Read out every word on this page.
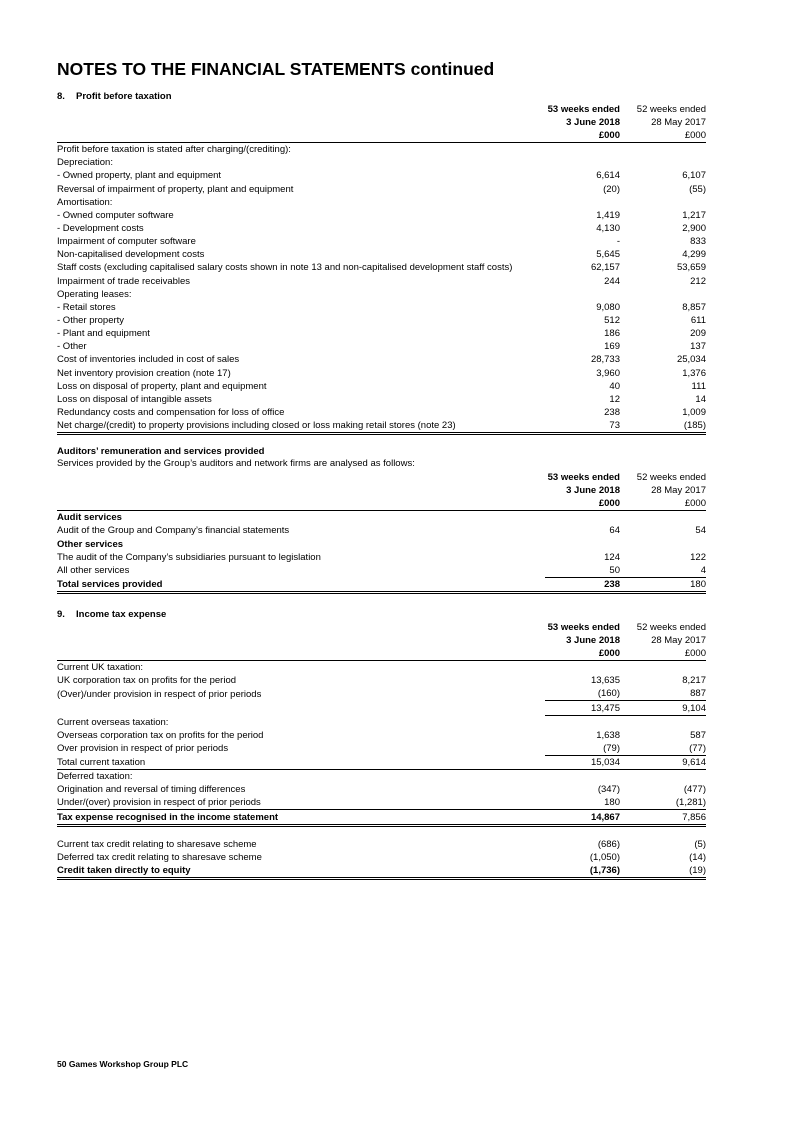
NOTES TO THE FINANCIAL STATEMENTS continued
8. Profit before taxation
	53 weeks ended	52 weeks ended
	3 June 2018	28 May 2017
	£000	£000
Profit before taxation is stated after charging/(crediting):		
Depreciation:		
- Owned property, plant and equipment	6,614	6,107
Reversal of impairment of property, plant and equipment	(20)	(55)
Amortisation:		
- Owned computer software	1,419	1,217
- Development costs	4,130	2,900
Impairment of computer software	-	833
Non-capitalised development costs	5,645	4,299
Staff costs (excluding capitalised salary costs shown in note 13 and non-capitalised development staff costs)	62,157	53,659
Impairment of trade receivables	244	212
Operating leases:		
- Retail stores	9,080	8,857
- Other property	512	611
- Plant and equipment	186	209
- Other	169	137
Cost of inventories included in cost of sales	28,733	25,034
Net inventory provision creation (note 17)	3,960	1,376
Loss on disposal of property, plant and equipment	40	111
Loss on disposal of intangible assets	12	14
Redundancy costs and compensation for loss of office	238	1,009
Net charge/(credit) to property provisions including closed or loss making retail stores (note 23)	73	(185)
Auditors’ remuneration and services provided
Services provided by the Group’s auditors and network firms are analysed as follows:
	53 weeks ended	52 weeks ended
	3 June 2018	28 May 2017
	£000	£000
Audit services		
Audit of the Group and Company’s financial statements	64	54
Other services		
The audit of the Company’s subsidiaries pursuant to legislation	124	122
All other services	50	4
Total services provided	238	180
9. Income tax expense
	53 weeks ended	52 weeks ended
	3 June 2018	28 May 2017
	£000	£000
Current UK taxation:		
UK corporation tax on profits for the period	13,635	8,217
(Over)/under provision in respect of prior periods	(160)	887
	13,475	9,104
Current overseas taxation:		
Overseas corporation tax on profits for the period	1,638	587
Over provision in respect of prior periods	(79)	(77)
Total current taxation	15,034	9,614
Deferred taxation:		
Origination and reversal of timing differences	(347)	(477)
Under/(over) provision in respect of prior periods	180	(1,281)
Tax expense recognised in the income statement	14,867	7,856

Current tax credit relating to sharesave scheme	(686)	(5)
Deferred tax credit relating to sharesave scheme	(1,050)	(14)
Credit taken directly to equity	(1,736)	(19)
50 Games Workshop Group PLC
